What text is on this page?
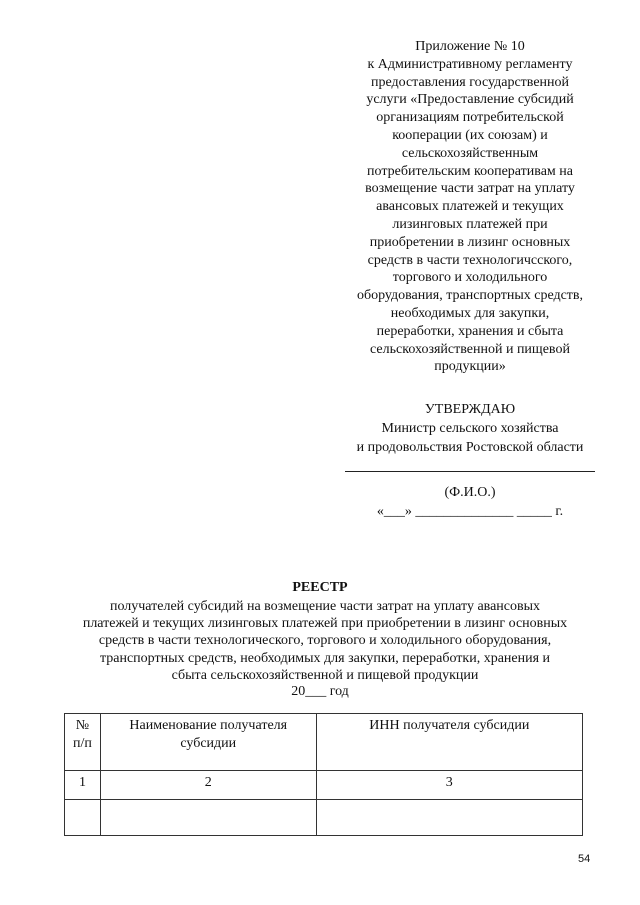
Приложение № 10
к Административному регламенту
предоставления государственной
услуги «Предоставление субсидий
организациям потребительской
кооперации (их союзам) и
сельскохозяйственным
потребительским кооперативам на
возмещение части затрат на уплату
авансовых платежей и текущих
лизинговых платежей при
приобретении в лизинг основных
средств в части технологичсского,
торгового и холодильного
оборудования, транспортных средств,
необходимых для закупки,
переработки, хранения и сбыта
сельскохозяйственной и пищевой
продукции»
УТВЕРЖДАЮ
Министр сельского хозяйства
и продовольствия Ростовской области
(Ф.И.О.)
«___» ______________ _____ г.
РЕЕСТР
получателей субсидий на возмещение части затрат на уплату авансовых
платежей и текущих лизинговых платежей при приобретении в лизинг основных
средств в части технологического, торгового и холодильного оборудования,
транспортных средств, необходимых для закупки, переработки, хранения и
сбыта сельскохозяйственной и пищевой продукции
20___ год
№ п/п	Наименование получателя субсидии	ИНН получателя субсидии
1	2	3

54
